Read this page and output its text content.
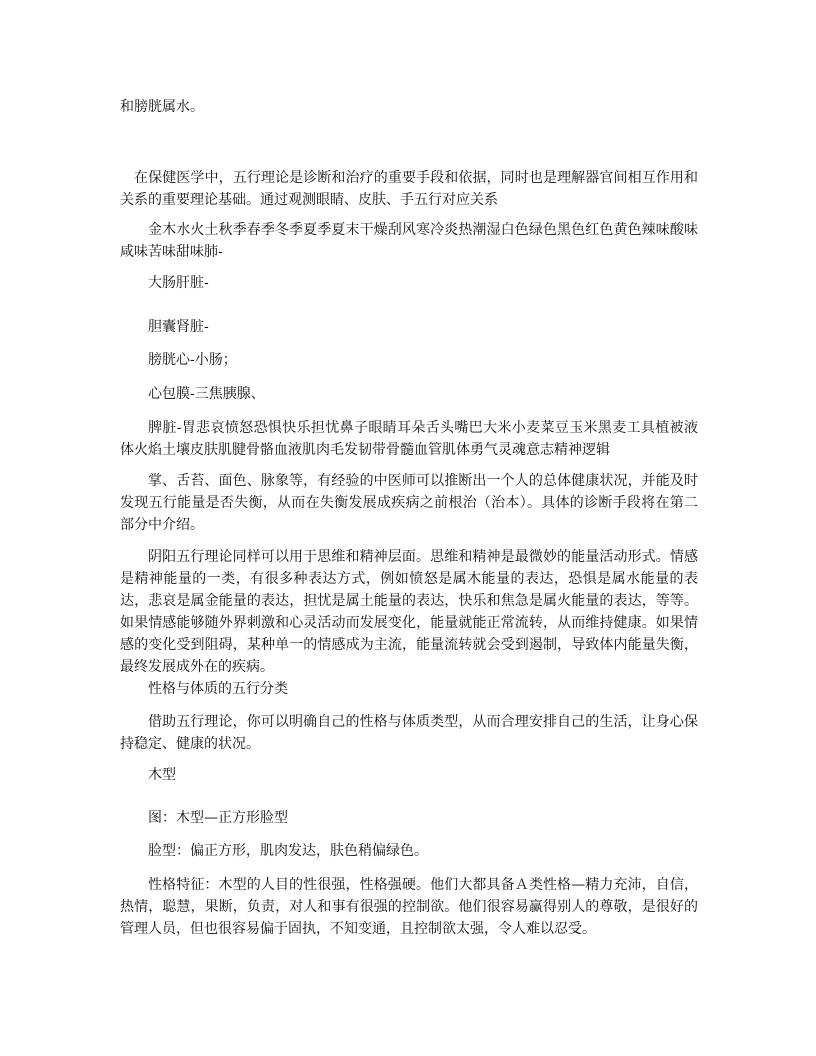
和膀胱属水。

在保健医学中，五行理论是诊断和治疗的重要手段和依据，同时也是理解器官间相互作用和关系的重要理论基础。通过观测眼睛、皮肤、手五行对应关系

金木水火土秋季春季冬季夏季夏末干燥刮风寒冷炎热潮湿白色绿色黑色红色黄色辣味酸味咸味苦味甜味肺-

大肠肝脏-

胆囊肾脏-

膀胱心-小肠；

心包膜-三焦胰腺、

脾脏-胃悲哀愤怒恐惧快乐担忧鼻子眼睛耳朵舌头嘴巴大米小麦菜豆玉米黑麦工具植被液体火焰土壤皮肤肌腱骨骼血液肌肉毛发韧带骨髓血管肌体勇气灵魂意志精神逻辑

掌、舌苔、面色、脉象等，有经验的中医师可以推断出一个人的总体健康状况，并能及时发现五行能量是否失衡，从而在失衡发展成疾病之前根治（治本）。具体的诊断手段将在第二部分中介绍。

阴阳五行理论同样可以用于思维和精神层面。思维和精神是最微妙的能量活动形式。情感是精神能量的一类，有很多种表达方式，例如愤怒是属木能量的表达，恐惧是属水能量的表达，悲哀是属金能量的表达，担忧是属土能量的表达，快乐和焦急是属火能量的表达，等等。如果情感能够随外界刺激和心灵活动而发展变化，能量就能正常流转，从而维持健康。如果情感的变化受到阻碍，某种单一的情感成为主流，能量流转就会受到遏制，导致体内能量失衡，最终发展成外在的疾病。

性格与体质的五行分类

借助五行理论，你可以明确自己的性格与体质类型，从而合理安排自己的生活，让身心保持稳定、健康的状况。

木型

图：木型—正方形脸型

脸型：偏正方形，肌肉发达，肤色稍偏绿色。

性格特征：木型的人目的性很强，性格强硬。他们大都具备Ａ类性格—精力充沛，自信，热情，聪慧，果断，负责，对人和事有很强的控制欲。他们很容易赢得别人的尊敬，是很好的管理人员，但也很容易偏于固执，不知变通，且控制欲太强，令人难以忍受。
